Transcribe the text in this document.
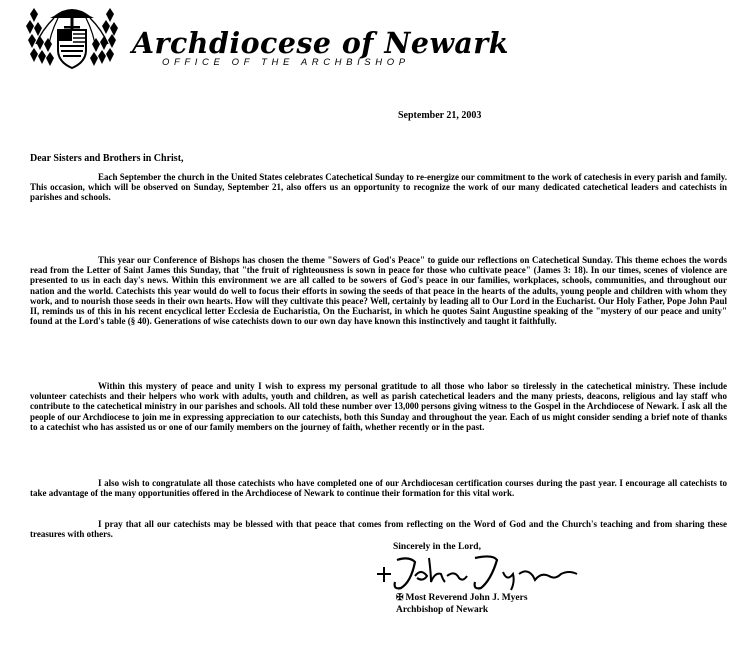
Archdiocese of Newark
OFFICE OF THE ARCHBISHOP
September 21, 2003
Dear Sisters and Brothers in Christ,

Each September the church in the United States celebrates Catechetical Sunday to re-energize our commitment to the work of catechesis in every parish and family. This occasion, which will be observed on Sunday, September 21, also offers us an opportunity to recognize the work of our many dedicated catechetical leaders and catechists in parishes and schools.

This year our Conference of Bishops has chosen the theme "Sowers of God's Peace" to guide our reflections on Catechetical Sunday. This theme echoes the words read from the Letter of Saint James this Sunday, that "the fruit of righteousness is sown in peace for those who cultivate peace" (James 3: 18). In our times, scenes of violence are presented to us in each day's news. Within this environment we are all called to be sowers of God's peace in our families, workplaces, schools, communities, and throughout our nation and the world. Catechists this year would do well to focus their efforts in sowing the seeds of that peace in the hearts of the adults, young people and children with whom they work, and to nourish those seeds in their own hearts. How will they cultivate this peace? Well, certainly by leading all to Our Lord in the Eucharist. Our Holy Father, Pope John Paul II, reminds us of this in his recent encyclical letter Ecclesia de Eucharistia, On the Eucharist, in which he quotes Saint Augustine speaking of the "mystery of our peace and unity" found at the Lord's table (§ 40). Generations of wise catechists down to our own day have known this instinctively and taught it faithfully.

Within this mystery of peace and unity I wish to express my personal gratitude to all those who labor so tirelessly in the catechetical ministry. These include volunteer catechists and their helpers who work with adults, youth and children, as well as parish catechetical leaders and the many priests, deacons, religious and lay staff who contribute to the catechetical ministry in our parishes and schools. All told these number over 13,000 persons giving witness to the Gospel in the Archdiocese of Newark. I ask all the people of our Archdiocese to join me in expressing appreciation to our catechists, both this Sunday and throughout the year. Each of us might consider sending a brief note of thanks to a catechist who has assisted us or one of our family members on the journey of faith, whether recently or in the past.

I also wish to congratulate all those catechists who have completed one of our Archdiocesan certification courses during the past year. I encourage all catechists to take advantage of the many opportunities offered in the Archdiocese of Newark to continue their formation for this vital work.

I pray that all our catechists may be blessed with that peace that comes from reflecting on the Word of God and the Church's teaching and from sharing these treasures with others.

Sincerely in the Lord,
✠ Most Reverend John J. Myers
Archbishop of Newark
